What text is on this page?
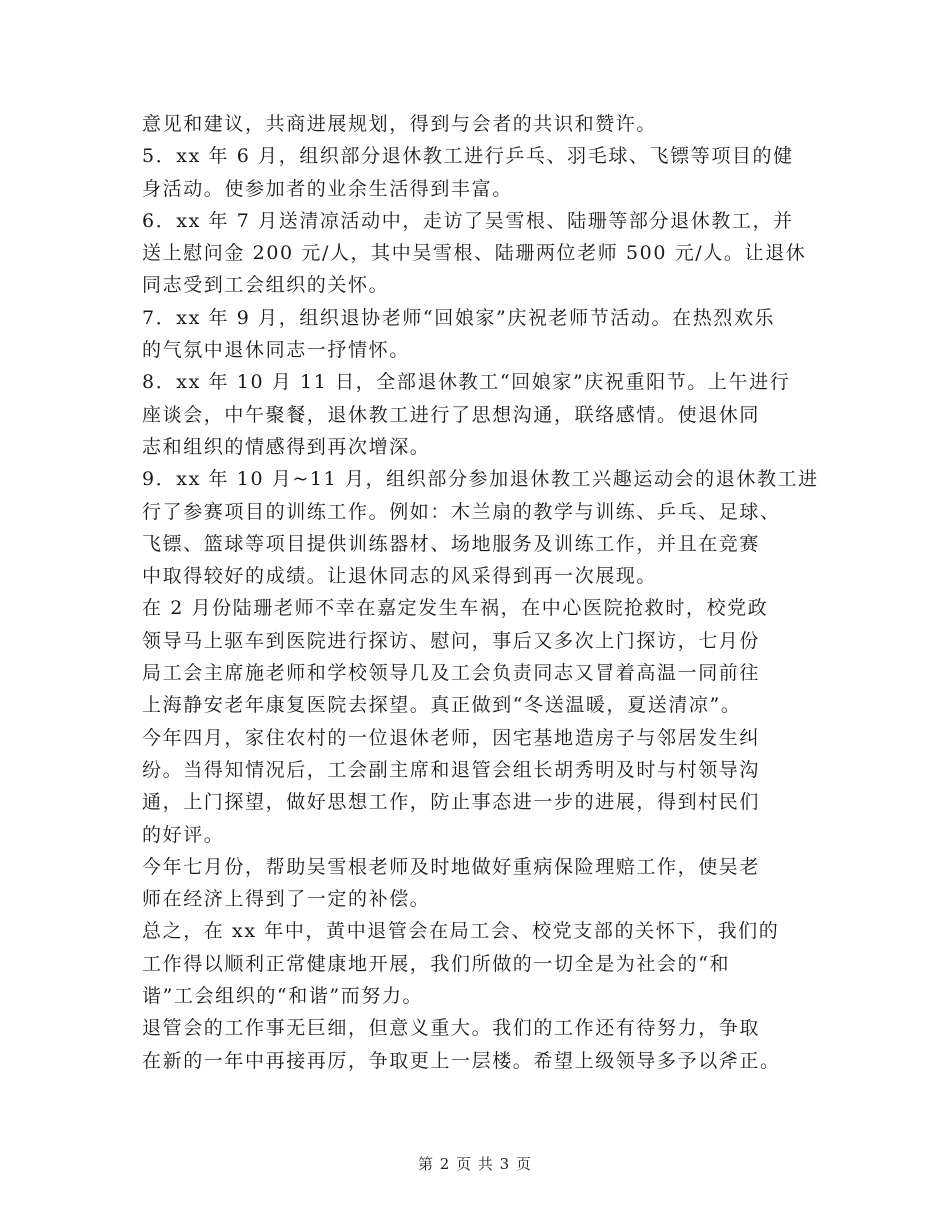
意见和建议，共商进展规划，得到与会者的共识和赞许。
5．xx 年 6 月，组织部分退休教工进行乒乓、羽毛球、飞镖等项目的健
身活动。使参加者的业余生活得到丰富。
6．xx 年 7 月送清凉活动中，走访了吴雪根、陆珊等部分退休教工，并
送上慰问金 200 元/人，其中吴雪根、陆珊两位老师 500 元/人。让退休
同志受到工会组织的关怀。
7．xx 年 9 月，组织退协老师“回娘家”庆祝老师节活动。在热烈欢乐
的气氛中退休同志一抒情怀。
8．xx 年 10 月 11 日，全部退休教工“回娘家”庆祝重阳节。上午进行
座谈会，中午聚餐，退休教工进行了思想沟通，联络感情。使退休同
志和组织的情感得到再次增深。
9．xx 年 10 月~11 月，组织部分参加退休教工兴趣运动会的退休教工进
行了参赛项目的训练工作。例如：木兰扇的教学与训练、乒乓、足球、
飞镖、篮球等项目提供训练器材、场地服务及训练工作，并且在竞赛
中取得较好的成绩。让退休同志的风采得到再一次展现。
在 2 月份陆珊老师不幸在嘉定发生车祸，在中心医院抢救时，校党政
领导马上驱车到医院进行探访、慰问，事后又多次上门探访，七月份
局工会主席施老师和学校领导几及工会负责同志又冒着高温一同前往
上海静安老年康复医院去探望。真正做到“冬送温暖，夏送清凉”。
今年四月，家住农村的一位退休老师，因宅基地造房子与邻居发生纠
纷。当得知情况后，工会副主席和退管会组长胡秀明及时与村领导沟
通，上门探望，做好思想工作，防止事态进一步的进展，得到村民们
的好评。
今年七月份，帮助吴雪根老师及时地做好重病保险理赔工作，使吴老
师在经济上得到了一定的补偿。
总之，在 xx 年中，黄中退管会在局工会、校党支部的关怀下，我们的
工作得以顺利正常健康地开展，我们所做的一切全是为社会的“和
谐”工会组织的“和谐”而努力。
退管会的工作事无巨细，但意义重大。我们的工作还有待努力，争取
在新的一年中再接再厉，争取更上一层楼。希望上级领导多予以斧正。
第 2 页 共 3 页
